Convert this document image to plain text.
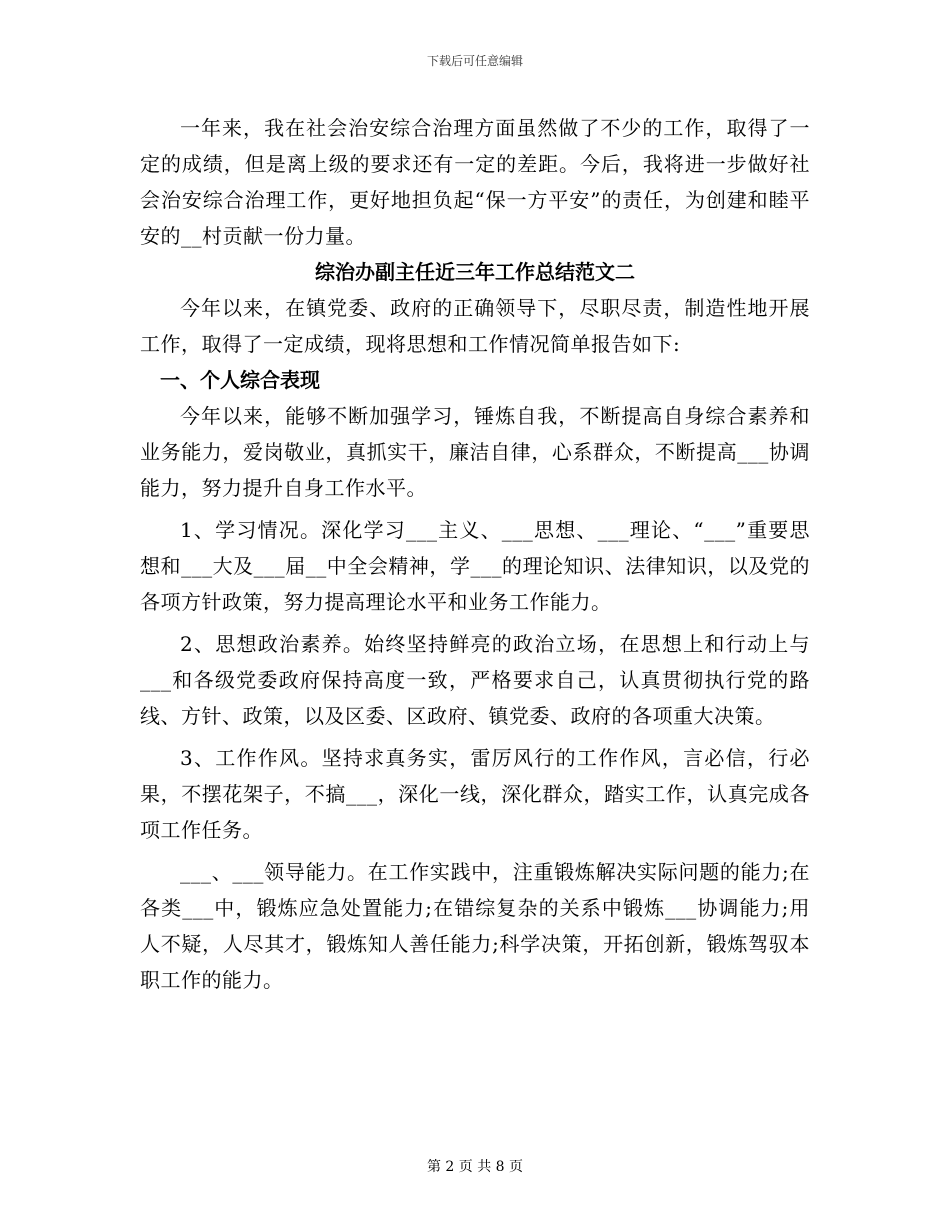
下载后可任意编辑

一年来，我在社会治安综合治理方面虽然做了不少的工作，取得了一定的成绩，但是离上级的要求还有一定的差距。今后，我将进一步做好社会治安综合治理工作，更好地担负起“保一方平安”的责任，为创建和睦平安的__村贡献一份力量。

综治办副主任近三年工作总结范文二

今年以来，在镇党委、政府的正确领导下，尽职尽责，制造性地开展工作，取得了一定成绩，现将思想和工作情况简单报告如下:

一、个人综合表现

今年以来，能够不断加强学习，锤炼自我，不断提高自身综合素养和业务能力，爱岗敬业，真抓实干，廉洁自律，心系群众，不断提高___协调能力，努力提升自身工作水平。

1、学习情况。深化学习___主义、___思想、___理论、“___”重要思想和___大及___届__中全会精神，学___的理论知识、法律知识，以及党的各项方针政策，努力提高理论水平和业务工作能力。

2、思想政治素养。始终坚持鲜亮的政治立场，在思想上和行动上与___和各级党委政府保持高度一致，严格要求自己，认真贯彻执行党的路线、方针、政策，以及区委、区政府、镇党委、政府的各项重大决策。

3、工作作风。坚持求真务实，雷厉风行的工作作风，言必信，行必果，不摆花架子，不搞___，深化一线，深化群众，踏实工作，认真完成各项工作任务。

___、___领导能力。在工作实践中，注重锻炼解决实际问题的能力;在各类___中，锻炼应急处置能力;在错综复杂的关系中锻炼___协调能力;用人不疑，人尽其才，锻炼知人善任能力;科学决策，开拓创新，锻炼驾驭本职工作的能力。

第 2 页 共 8 页
